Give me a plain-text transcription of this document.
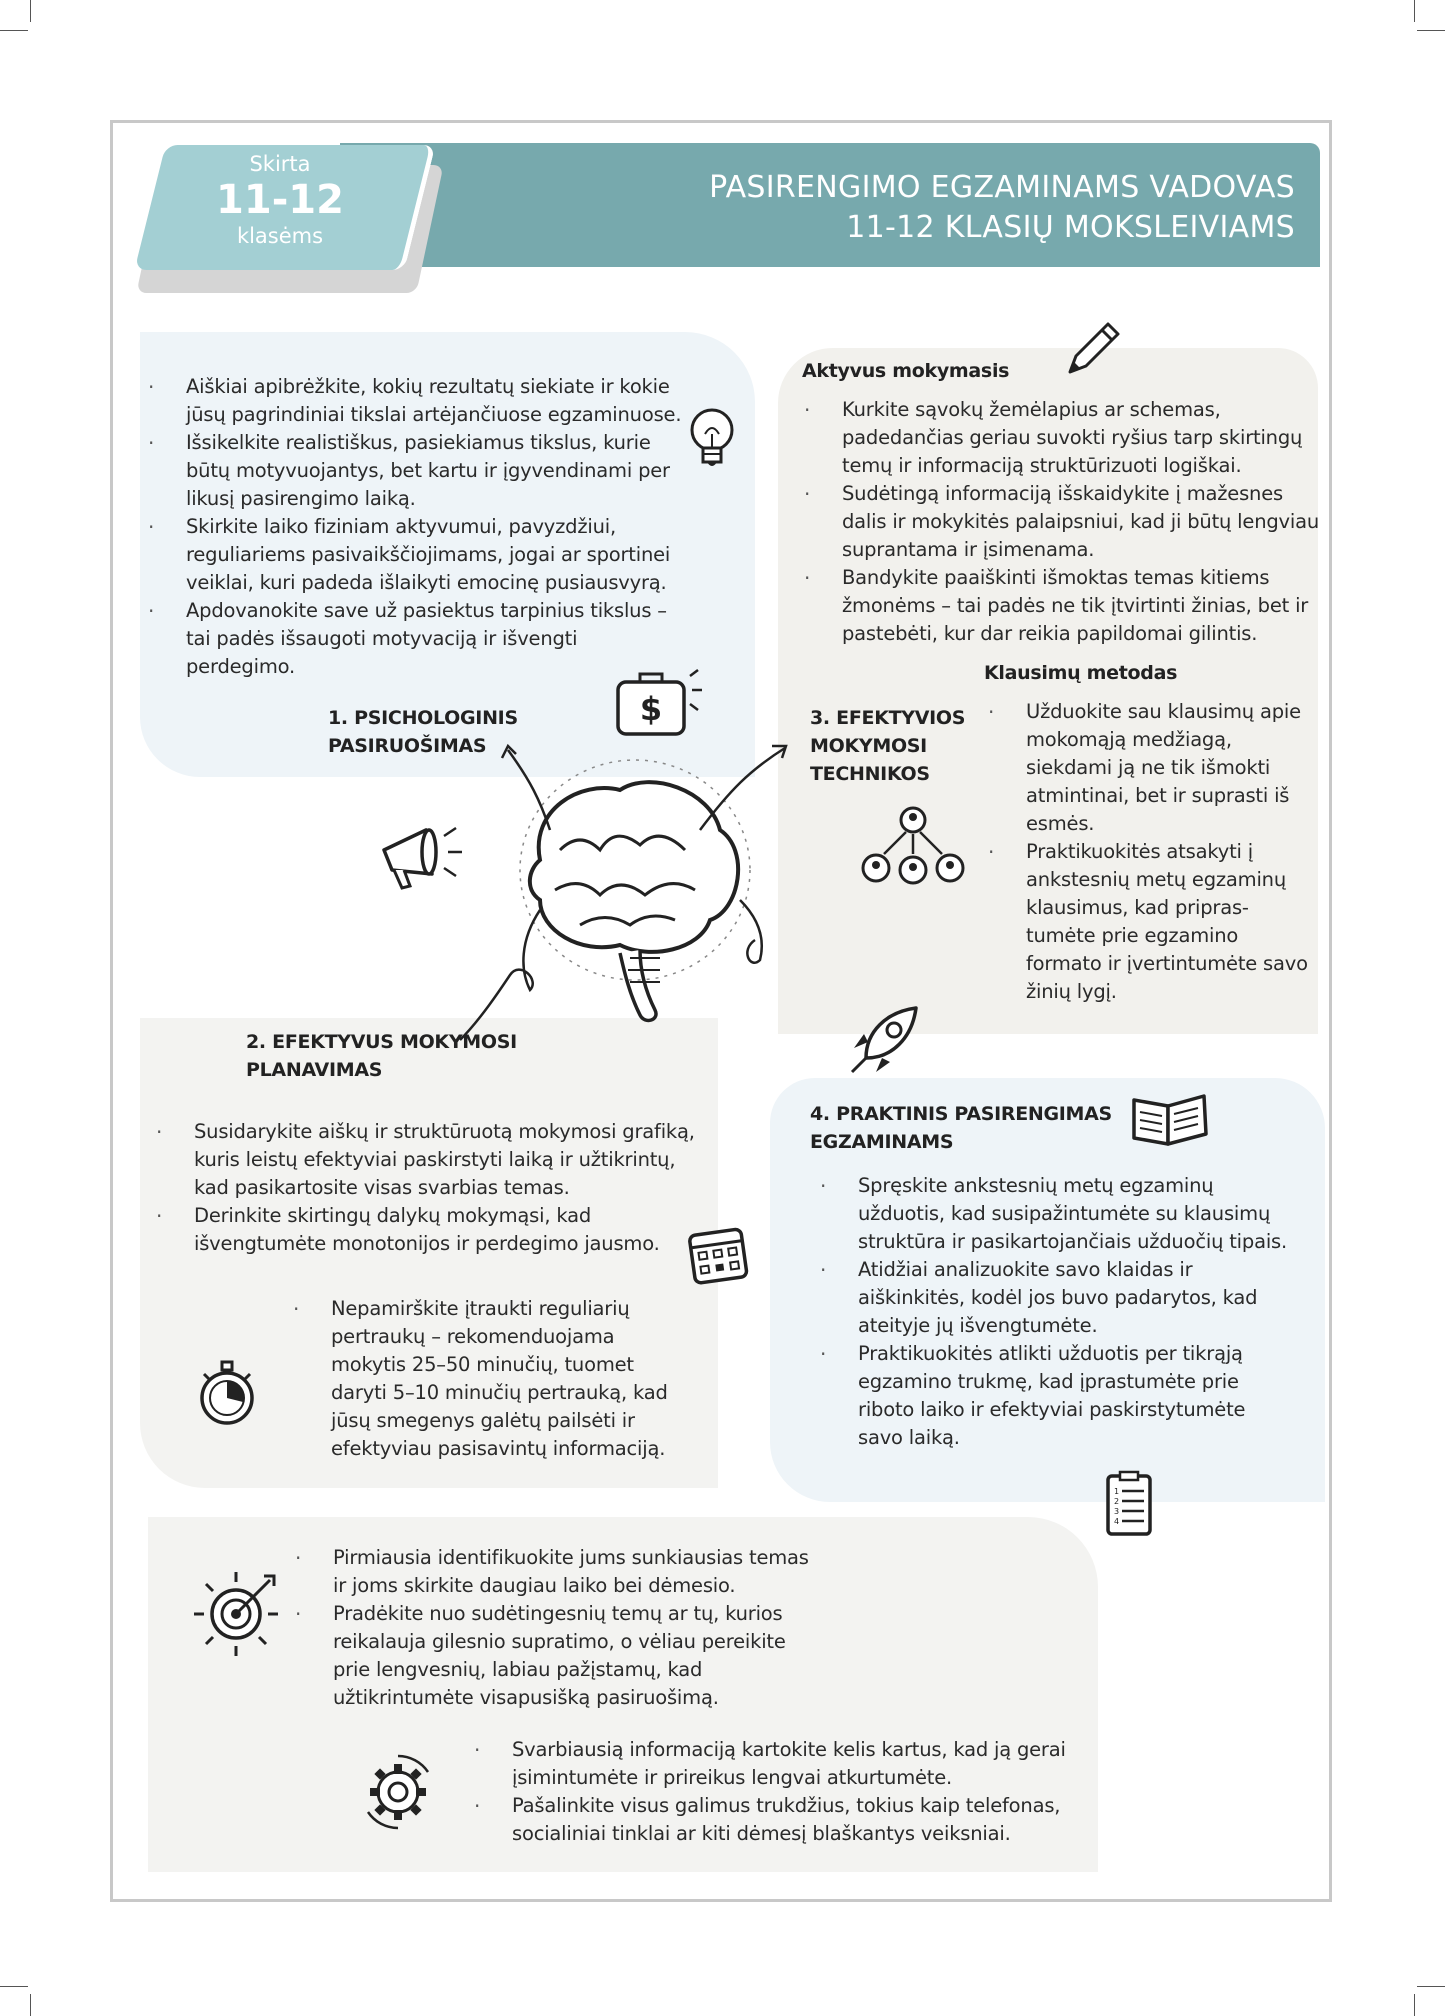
Skirta
11-12
klasėms
PASIRENGIMO EGZAMINAMS VADOVAS
11-12 KLASIŲ MOKSLEIVIAMS
· Aiškiai apibrėžkite, kokių rezultatų siekiate ir kokie jūsų pagrindiniai tikslai artėjančiuose egzaminuose.
· Išsikelkite realistiškus, pasiekiamus tikslus, kurie būtų motyvuojantys, bet kartu ir įgyvendinami per likusį pasirengimo laiką.
· Skirkite laiko fiziniam aktyvumui, pavyzdžiui, reguliariems pasivaikščiojimams, jogai ar sportinei veiklai, kuri padeda išlaikyti emocinę pusiausvyrą.
· Apdovanokite save už pasiektus tarpinius tikslus – tai padės išsaugoti motyvaciją ir išvengti perdegimo.
1. PSICHOLOGINIS
PASIRUOŠIMAS
Aktyvus mokymasis
· Kurkite sąvokų žemėlapius ar schemas, padedančias geriau suvokti ryšius tarp skirtingų temų ir informaciją struktūrizuoti logiškai.
· Sudėtingą informaciją išskaidykite į mažesnes dalis ir mokykitės palaipsniui, kad ji būtų lengviau suprantama ir įsimenama.
· Bandykite paaiškinti išmoktas temas kitiems žmonėms – tai padės ne tik įtvirtinti žinias, bet ir pastebėti, kur dar reikia papildomai gilintis.
3. EFEKTYVIOS
MOKYMOSI
TECHNIKOS
Klausimų metodas
· Užduokite sau klausimų apie mokomąją medžiagą, siekdami ją ne tik išmokti atmintinai, bet ir suprasti iš esmės.
· Praktikuokitės atsakyti į ankstesnių metų egzaminų klausimus, kad pripras-tumėte prie egzamino formato ir įvertintumėte savo žinių lygį.
2. EFEKTYVUS MOKYMOSI
PLANAVIMAS
· Susidarykite aiškų ir struktūruotą mokymosi grafiką, kuris leistų efektyviai paskirstyti laiką ir užtikrintų, kad pasikartosite visas svarbias temas.
· Derinkite skirtingų dalykų mokymąsi, kad išvengtumėte monotonijos ir perdegimo jausmo.
· Nepamirškite įtraukti reguliarių pertraukų – rekomenduojama mokytis 25–50 minučių, tuomet daryti 5–10 minučių pertrauką, kad jūsų smegenys galėtų pailsėti ir efektyviau pasisavintų informaciją.
4. PRAKTINIS PASIRENGIMAS
EGZAMINAMS
· Spręskite ankstesnių metų egzaminų užduotis, kad susipažintumėte su klausimų struktūra ir pasikartojančiais užduočių tipais.
· Atidžiai analizuokite savo klaidas ir aiškinkitės, kodėl jos buvo padarytos, kad ateityje jų išvengtumėte.
· Praktikuokitės atlikti užduotis per tikrąją egzamino trukmę, kad įprastumėte prie riboto laiko ir efektyviai paskirstytumėte savo laiką.
· Pirmiausia identifikuokite jums sunkiausias temas ir joms skirkite daugiau laiko bei dėmesio.
· Pradėkite nuo sudėtingesnių temų ar tų, kurios reikalauja gilesnio supratimo, o vėliau pereikite prie lengvesnių, labiau pažįstamų, kad užtikrintumėte visapusišką pasiruošimą.
· Svarbiausią informaciją kartokite kelis kartus, kad ją gerai įsimintumėte ir prireikus lengvai atkurtumėte.
· Pašalinkite visus galimus trukdžius, tokius kaip telefonas, socialiniai tinklai ar kiti dėmesį blaškantys veiksniai.
$
1
2
3
4
